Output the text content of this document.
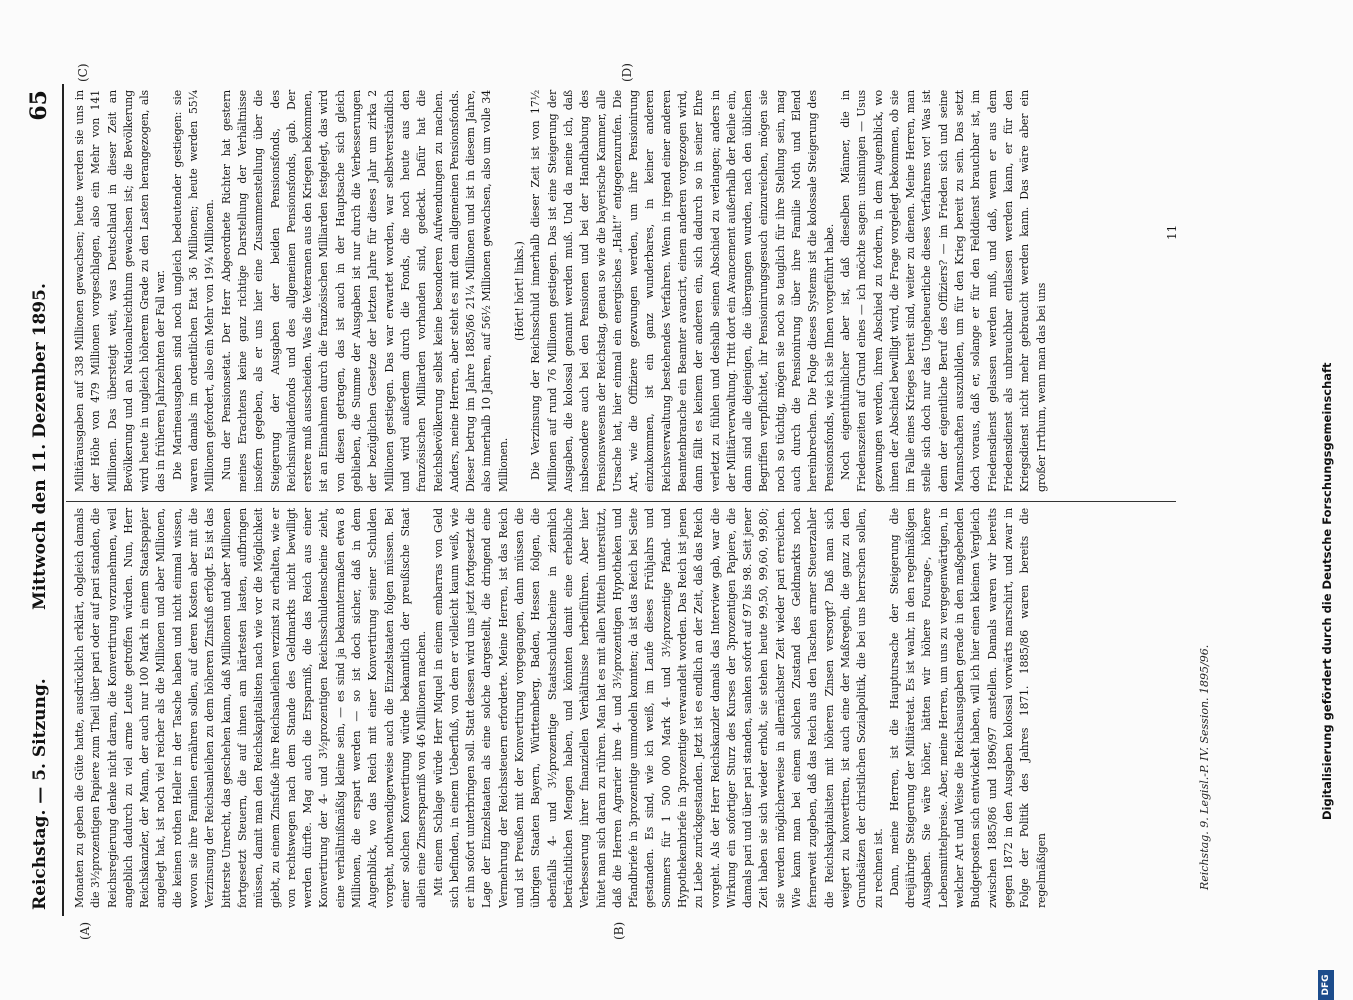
Reichstag. — 5. Sitzung.
Mittwoch den 11. Dezember 1895.
65
(A)	(B)
(C)	(D)

Monaten zu geben die Güte hatte, ausdrücklich erklärt, obgleich damals die 3½prozentigen Papiere zum Theil über pari oder auf pari standen, die Reichsregierung denke nicht daran, die Konvertirung vorzunehmen, weil angeblich dadurch zu viel arme Leute getroffen würden. Nun, Herr Reichskanzler, der Mann, der auch nur 100 Mark in einem Staatspapier angelegt hat, ist noch viel reicher als die Millionen und aber Millionen, die keinen rothen Heller in der Tasche haben und nicht einmal wissen, wovon sie ihre Familien ernähren sollen, auf deren Kosten aber mit die Verzinsung der Reichsanleihen zu dem höheren Zinsfuß erfolgt. Es ist das bitterste Unrecht, das geschehen kann, daß Millionen und aber Millionen fortgesetzt Steuern, die auf ihnen am härtesten lasten, aufbringen müssen, damit man den Reichskapitalisten nach wie vor die Möglichkeit giebt, zu einem Zinsfuße ihre Reichsanleihen verzinst zu erhalten, wie er von rechtswegen nach dem Stande des Geldmarkts nicht bewilligt werden dürfte. Mag auch die Ersparniß, die das Reich aus einer Konvertirung der 4- und 3½prozentigen Reichsschuldenscheine zieht, eine verhältnißmäßig kleine sein, — es sind ja bekanntermaßen etwa 8 Millionen, die erspart werden — so ist doch sicher, daß in dem Augenblick, wo das Reich mit einer Konvertirung seiner Schulden vorgeht, nothwendigerweise auch die Einzelstaaten folgen müssen. Bei einer solchen Konvertirung würde bekanntlich der preußische Staat allein eine Zinsersparniß von 46 Millionen machen. Mit einem Schlage würde Herr Miquel in einem embarras von Geld sich befinden, in einem Ueberfluß, von dem er vielleicht kaum weiß, wie er ihn sofort unterbringen soll. Statt dessen wird uns jetzt fortgesetzt die Lage der Einzelstaaten als eine solche dargestellt, die dringend eine Vermehrung der Reichssteuern erforderte. Meine Herren, ist das Reich und ist Preußen mit der Konvertirung vorgegangen, dann müssen die übrigen Staaten Bayern, Württemberg, Baden, Hessen folgen, die ebenfalls 4- und 3½prozentige Staatsschuldscheine in ziemlich beträchtlichen Mengen haben, und könnten damit eine erhebliche Verbesserung ihrer finanziellen Verhältnisse herbeiführen. Aber hier hütet man sich daran zu rühren. Man hat es mit allen Mitteln unterstützt, daß die Herren Agrarier ihre 4- und 3½prozentigen Hypotheken und Pfandbriefe in 3prozentige ummodeln konnten; da ist das Reich bei Seite gestanden. Es sind, wie ich weiß, im Laufe dieses Frühjahrs und Sommers für 1 500 000 Mark 4- und 3½prozentige Pfand- und Hypothekenbriefe in 3prozentige verwandelt worden. Das Reich ist jenen zu Liebe zurückgestanden. Jetzt ist es endlich an der Zeit, daß das Reich vorgeht. Als der Herr Reichskanzler damals das Interview gab, war die Wirkung ein sofortiger Sturz des Kurses der 3prozentigen Papiere, die damals pari und über pari standen, sanken sofort auf 97 bis 98. Seit jener Zeit haben sie sich wieder erholt, sie stehen heute 99,50, 99,60, 99,80; sie werden möglicherweise in allernächster Zeit wieder pari erreichen. Wie kann man bei einem solchen Zustand des Geldmarkts noch fernerweit zugeben, daß das Reich aus den Taschen armer Steuerzahler die Reichskapitalisten mit höheren Zinsen versorgt? Daß man sich weigert zu konvertiren, ist auch eine der Maßregeln, die ganz zu den Grundsätzen der christlichen Sozialpolitik, die bei uns herrschen sollen, zu rechnen ist. Dann, meine Herren, ist die Hauptursache der Steigerung die dreijährige Steigerung der Militäretat. Es ist wahr, in den regelmäßigen Ausgaben. Sie wäre höher, hätten wir höhere Fourage-, höhere Lebensmittelpreise. Aber, meine Herren, um uns zu vergegenwärtigen, in welcher Art und Weise die Reichsausgaben gerade in den maßgebenden Budgetposten sich entwickelt haben, will ich hier einen kleinen Vergleich zwischen 1885/86 und 1896/97 anstellen. Damals waren wir bereits gegen 1872 in den Ausgaben kolossal vorwärts marschirt, und zwar in Folge der Politik des Jahres 1871. 1885/86 waren bereits die regelmäßigen

Militärausgaben auf 338 Millionen gewachsen; heute werden sie uns in der Höhe von 479 Millionen vorgeschlagen, also ein Mehr von 141 Millionen. Das übersteigt weit, was Deutschland in dieser Zeit an Bevölkerung und an Nationalreichthum gewachsen ist; die Bevölkerung wird heute in ungleich höherem Grade zu den Lasten herangezogen, als das in früheren Jahrzehnten der Fall war. Die Marineausgaben sind noch ungleich bedeutender gestiegen: sie waren damals im ordentlichen Etat 36 Millionen; heute werden 55¼ Millionen gefordert, also ein Mehr von 19¼ Millionen. Nun der Pensionsetat. Der Herr Abgeordnete Richter hat gestern meines Erachtens keine ganz richtige Darstellung der Verhältnisse insofern gegeben, als er uns hier eine Zusammenstellung über die Steigerung der Ausgaben der beiden Pensionsfonds, des Reichsinvalidenfonds und des allgemeinen Pensionsfonds, gab. Der erstere muß ausscheiden. Was die Veteranen aus den Kriegen bekommen, ist an Einnahmen durch die französischen Milliarden festgelegt, das wird von diesen getragen, das ist auch in der Hauptsache sich gleich geblieben, die Summe der Ausgaben ist nur durch die Verbesserungen der bezüglichen Gesetze der letzten Jahre für dieses Jahr um zirka 2 Millionen gestiegen. Das war erwartet worden, war selbstverständlich und wird außerdem durch die Fonds, die noch heute aus den französischen Milliarden vorhanden sind, gedeckt. Dafür hat die Reichsbevölkerung selbst keine besonderen Aufwendungen zu machen. Anders, meine Herren, aber steht es mit dem allgemeinen Pensionsfonds. Dieser betrug im Jahre 1885/86 21¼ Millionen und ist in diesem Jahre, also innerhalb 10 Jahren, auf 56½ Millionen gewachsen, also um volle 34 Millionen.

(Hört! hört! links.) Die Verzinsung der Reichsschuld innerhalb dieser Zeit ist von 17½ Millionen auf rund 76 Millionen gestiegen. Das ist eine Steigerung der Ausgaben, die kolossal genannt werden muß. Und da meine ich, daß insbesondere auch bei den Pensionen und bei der Handhabung des Pensionswesens der Reichstag, genau so wie die bayerische Kammer, alle Ursache hat, hier einmal ein energisches „Halt!“ entgegenzurufen. Die Art, wie die Offiziere gezwungen werden, um ihre Pensionirung einzukommen, ist ein ganz wunderbares, in keiner anderen Reichsverwaltung bestehendes Verfahren. Wenn in irgend einer anderen Beamtenbranche ein Beamter avancirt, einem anderen vorgezogen wird, dann fällt es keinem der anderen ein, sich dadurch so in seiner Ehre verletzt zu fühlen und deshalb seinen Abschied zu verlangen; anders in der Militärverwaltung. Tritt dort ein Avancement außerhalb der Reihe ein, dann sind alle diejenigen, die übergangen wurden, nach den üblichen Begriffen verpflichtet, ihr Pensionirungsgesuch einzureichen, mögen sie noch so tüchtig, mögen sie noch so tauglich für ihre Stellung sein, mag auch durch die Pensionirung über ihre Familie Noth und Elend hereinbrechen. Die Folge dieses Systems ist die kolossale Steigerung des Pensionsfonds, wie ich sie Ihnen vorgeführt habe. Noch eigenthümlicher aber ist, daß dieselben Männer, die in Friedenszeiten auf Grund eines — ich möchte sagen: unsinnigen — Usus gezwungen werden, ihren Abschied zu fordern, in dem Augenblick, wo ihnen der Abschied bewilligt wird, die Frage vorgelegt bekommen, ob sie im Falle eines Krieges bereit sind, weiter zu dienen. Meine Herren, man stelle sich doch nur das Ungeheuerliche dieses Verfahrens vor! Was ist denn der eigentliche Beruf des Offiziers? — im Frieden sich und seine Mannschaften auszubilden, um für den Krieg bereit zu sein. Das setzt doch voraus, daß er, solange er für den Felddienst brauchbar ist, im Friedensdienst gelassen werden muß, und daß, wenn er aus dem Friedensdienst als unbrauchbar entlassen werden kann, er für den Kriegsdienst nicht mehr gebraucht werden kann. Das wäre aber ein großer Irrthum, wenn man das bei uns

11
Reichstag. 9. Legisl.-P. IV. Session. 1895/96.	Digitalisierung gefördert durch die Deutsche Forschungsgemeinschaft
DFG
